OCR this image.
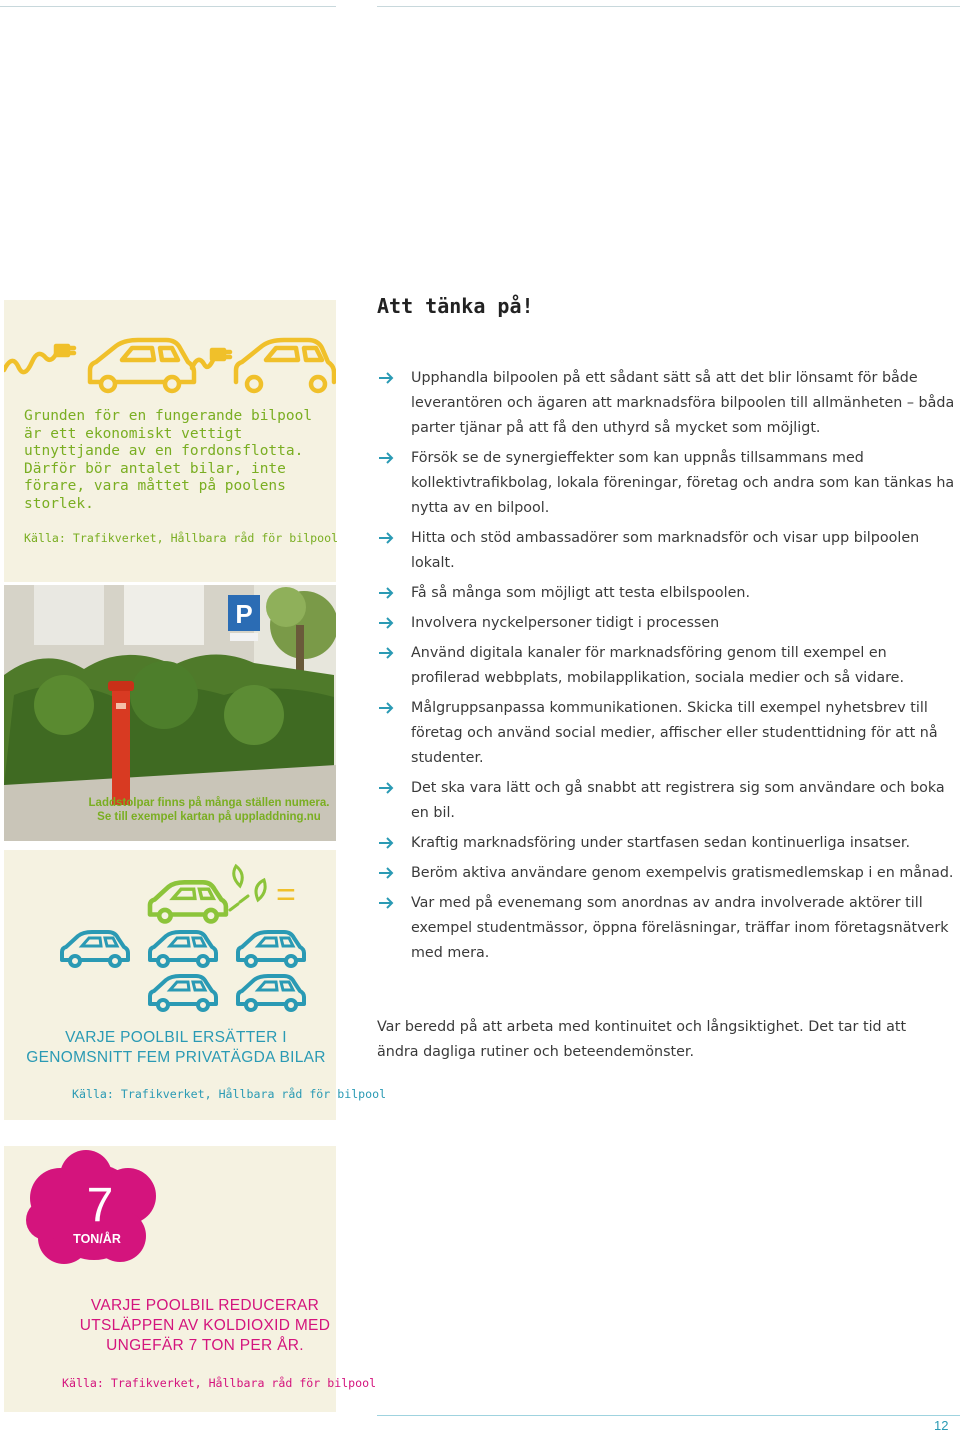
Grunden för en fungerande bilpool är ett ekonomiskt vettigt utnyttjande av en fordonsflotta. Därför bör antalet bilar, inte förare, vara måttet på poolens storlek.
Källa: Trafikverket, Hållbara råd för bilpool
P
Laddstolpar finns på många ställen numera.
Se till exempel kartan på uppladdning.nu
=
VARJE POOLBIL ERSÄTTER I GENOMSNITT FEM PRIVATÄGDA BILAR
Källa: Trafikverket, Hållbara råd för bilpool
7
TON/ÅR
VARJE POOLBIL REDUCERAR UTSLÄPPEN AV KOLDIOXID MED UNGEFÄR 7 TON PER ÅR.
Källa: Trafikverket, Hållbara råd för bilpool
Att tänka på!
Upphandla bilpoolen på ett sådant sätt så att det blir lönsamt för både leverantören och ägaren att marknadsföra bilpoolen till allmänheten – båda parter tjänar på att få den uthyrd så mycket som möjligt.
Försök se de synergieffekter som kan uppnås tillsammans med kollektivtrafikbolag, lokala föreningar, företag och andra som kan tänkas ha nytta av en bilpool.
Hitta och stöd ambassadörer som marknadsför och visar upp bilpoolen lokalt.
Få så många som möjligt att testa elbilspoolen.
Involvera nyckelpersoner tidigt i processen
Använd digitala kanaler för marknadsföring genom till exempel en profilerad webbplats, mobilapplikation, sociala medier och så vidare.
Målgruppsanpassa kommunikationen. Skicka till exempel nyhetsbrev till företag och använd social medier, affischer eller studenttidning för att nå studenter.
Det ska vara lätt och gå snabbt att registrera sig som användare och boka en bil.
Kraftig marknadsföring under startfasen sedan kontinuerliga insatser.
Beröm aktiva användare genom exempelvis gratismedlemskap i en månad.
Var med på evenemang som anordnas av andra involverade aktörer till exempel studentmässor, öppna föreläsningar, träffar inom företagsnätverk med mera.

Var beredd på att arbeta med kontinuitet och långsiktighet. Det tar tid att ändra dagliga rutiner och beteendemönster.

12
